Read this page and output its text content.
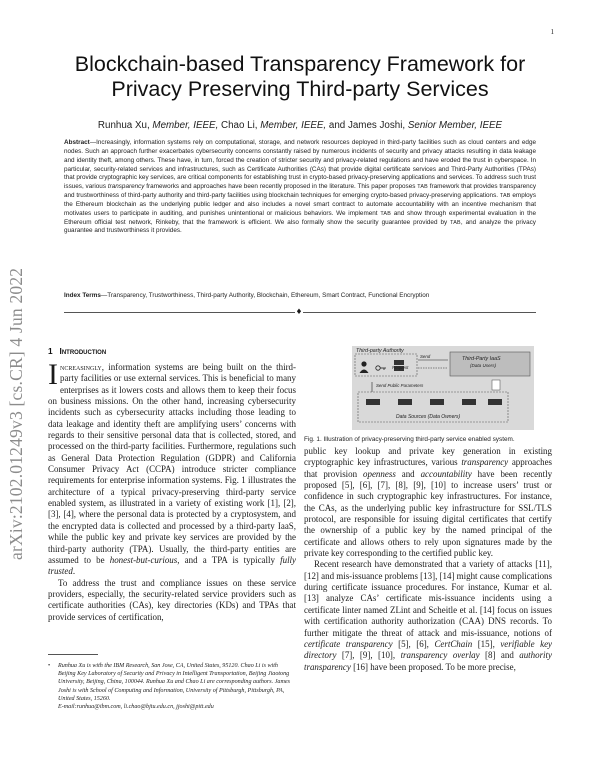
1
arXiv:2102.01249v3 [cs.CR] 4 Jun 2022
Blockchain-based Transparency Framework for
Privacy Preserving Third-party Services
Runhua Xu, Member, IEEE, Chao Li, Member, IEEE, and James Joshi, Senior Member, IEEE
Abstract—Increasingly, information systems rely on computational, storage, and network resources deployed in third-party facilities such as cloud centers and edge nodes. Such an approach further exacerbates cybersecurity concerns constantly raised by numerous incidents of security and privacy attacks resulting in data leakage and identity theft, among others. These have, in turn, forced the creation of stricter security and privacy-related regulations and have eroded the trust in cyberspace. In particular, security-related services and infrastructures, such as Certificate Authorities (CAs) that provide digital certificate services and Third-Party Authorities (TPAs) that provide cryptographic key services, are critical components for establishing trust in crypto-based privacy-preserving applications and services. To address such trust issues, various transparency frameworks and approaches have been recently proposed in the literature. This paper proposes TAB framework that provides transparency and trustworthiness of third-party authority and third-party facilities using blockchain techniques for emerging crypto-based privacy-preserving applications. TAB employs the Ethereum blockchain as the underlying public ledger and also includes a novel smart contract to automate accountability with an incentive mechanism that motivates users to participate in auditing, and punishes unintentional or malicious behaviors. We implement TAB and show through experimental evaluation in the Ethereum official test network, Rinkeby, that the framework is efficient. We also formally show the security guarantee provided by TAB, and analyze the privacy guarantee and trustworthiness it provides.
Index Terms—Transparency, Trustworthiness, Third-party Authority, Blockchain, Ethereum, Smart Contract, Functional Encryption
♦
1 Introduction

Increasingly, information systems are being built on the third-party facilities or use external services. This is beneficial to many enterprises as it lowers costs and allows them to keep their focus on business missions. On the other hand, increasing cybersecurity incidents such as cybersecurity attacks including those leading to data leakage and identity theft are amplifying users’ concerns with regards to their sensitive personal data that is collected, stored, and processed on the third-party facilities. Furthermore, regulations such as General Data Protection Regulation (GDPR) and California Consumer Privacy Act (CCPA) introduce stricter compliance requirements for enterprise information systems. Fig. 1 illustrates the architecture of a typical privacy-preserving third-party service enabled system, as illustrated in a variety of existing work [1], [2], [3], [4], where the personal data is protected by a cryptosystem, and the encrypted data is collected and processed by a third-party IaaS, while the public key and private key services are provided by the third-party authority (TPA). Usually, the third-party entities are assumed to be honest-but-curious, and a TPA is typically fully trusted.

To address the trust and compliance issues on these service providers, especially, the security-related service providers such as certificate authorities (CAs), key directories (KDs) and TPAs that provide services of certification,

• Runhua Xu is with the IBM Research, San Jose, CA, United States, 95120. Chao Li is with Beijing Key Laboratory of Security and Privacy in Intelligent Transportation, Beijing Jiaotong University, Beijing, China, 100044. Runhua Xu and Chao Li are corresponding authors. James Joshi is with School of Computing and Information, University of Pittsburgh, Pittsburgh, PA, United States, 15260.
E-mail:runhua@ibm.com, li.chao@bjtu.edu.cn, jjoshi@pitt.edu
Third-party Authority
Third-Party IaaS
(Data Users)
Send
Request
Send Public Parameters
Data Sources (Data Owners)
Fig. 1. Illustration of privacy-preserving third-party service enabled system.

public key lookup and private key generation in existing cryptographic key infrastructures, various transparency approaches that provision openness and accountability have been recently proposed [5], [6], [7], [8], [9], [10] to increase users’ trust or confidence in such cryptographic key infrastructures. For instance, the CAs, as the underlying public key infrastructure for SSL/TLS protocol, are responsible for issuing digital certificates that certify the ownership of a public key by the named principal of the certificate and allows others to rely upon signatures made by the private key corresponding to the certified public key.

Recent research have demonstrated that a variety of attacks [11], [12] and mis-issuance problems [13], [14] might cause complications during certificate issuance procedures. For instance, Kumar et al. [13] analyze CAs’ certificate mis-issuance incidents using a certificate linter named ZLint and Scheitle et al. [14] focus on issues with certification authority authorization (CAA) DNS records. To further mitigate the threat of attack and mis-issuance, notions of certificate transparency [5], [6], CertChain [15], verifiable key directory [7], [9], [10], transparency overlay [8] and authority transparency [16] have been proposed. To be more precise,
